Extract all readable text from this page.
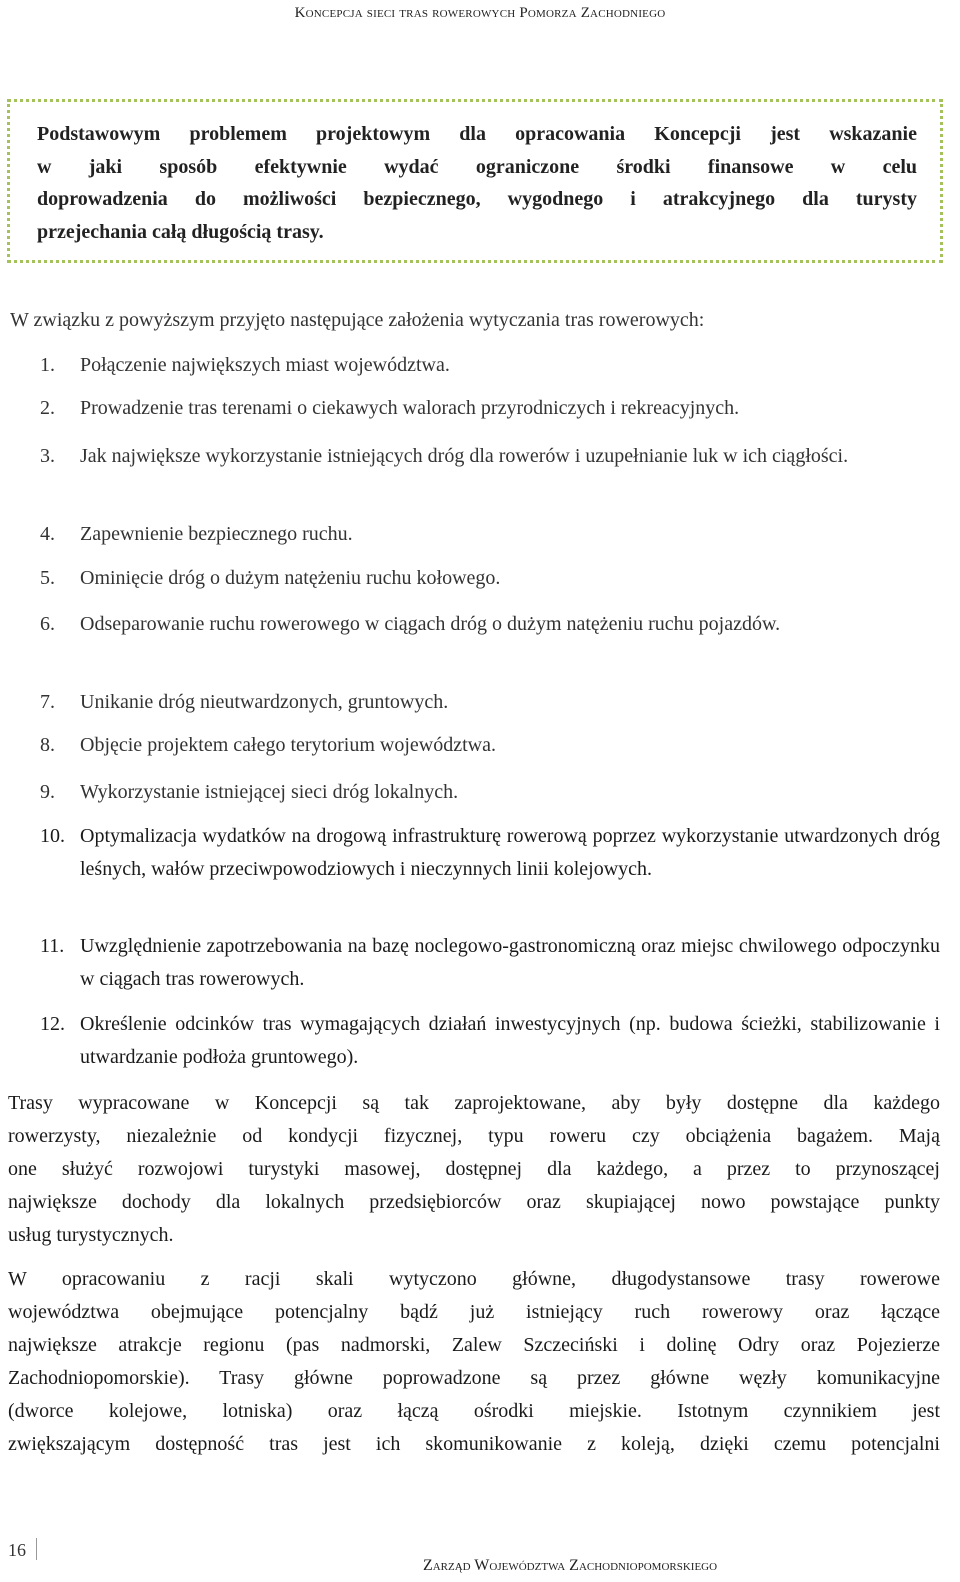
Koncepcja sieci tras rowerowych Pomorza Zachodniego
Podstawowym problemem projektowym dla opracowania Koncepcji jest wskazanie
w jaki sposób efektywnie wydać ograniczone środki finansowe w celu
doprowadzenia do możliwości bezpiecznego, wygodnego i atrakcyjnego dla turysty
przejechania całą długością trasy.
W związku z powyższym przyjęto następujące założenia wytyczania tras rowerowych:
1.	Połączenie największych miast województwa.
2.	Prowadzenie tras terenami o ciekawych walorach przyrodniczych i rekreacyjnych.
3.	Jak największe wykorzystanie istniejących dróg dla rowerów i uzupełnianie luk w ich ciągłości.
4.	Zapewnienie bezpiecznego ruchu.
5.	Ominięcie dróg o dużym natężeniu ruchu kołowego.
6.	Odseparowanie ruchu rowerowego w ciągach dróg o dużym natężeniu ruchu pojazdów.
7.	Unikanie dróg nieutwardzonych, gruntowych.
8.	Objęcie projektem całego terytorium województwa.
9.	Wykorzystanie istniejącej sieci dróg lokalnych.
10. Optymalizacja wydatków na drogową infrastrukturę rowerową poprzez wykorzystanie utwardzonych dróg leśnych, wałów przeciwpowodziowych i nieczynnych linii kolejowych.
11. Uwzględnienie zapotrzebowania na bazę noclegowo-gastronomiczną oraz miejsc chwilowego odpoczynku w ciągach tras rowerowych.
12. Określenie odcinków tras wymagających działań inwestycyjnych (np. budowa ścieżki, stabilizowanie i utwardzanie podłoża gruntowego).
Trasy wypracowane w Koncepcji są tak zaprojektowane, aby były dostępne dla każdego
rowerzysty, niezależnie od kondycji fizycznej, typu roweru czy obciążenia bagażem. Mają
one służyć rozwojowi turystyki masowej, dostępnej dla każdego, a przez to przynoszącej
największe dochody dla lokalnych przedsiębiorców oraz skupiającej nowo powstające punkty
usług turystycznych.
W opracowaniu z racji skali wytyczono główne, długodystansowe trasy rowerowe
województwa obejmujące potencjalny bądź już istniejący ruch rowerowy oraz łączące
największe atrakcje regionu (pas nadmorski, Zalew Szczeciński i dolinę Odry oraz Pojezierze
Zachodniopomorskie). Trasy główne poprowadzone są przez główne węzły komunikacyjne
(dworce kolejowe, lotniska) oraz łączą ośrodki miejskie. Istotnym czynnikiem jest
zwiększającym dostępność tras jest ich skomunikowanie z koleją, dzięki czemu potencjalni
16
Zarząd Województwa Zachodniopomorskiego
